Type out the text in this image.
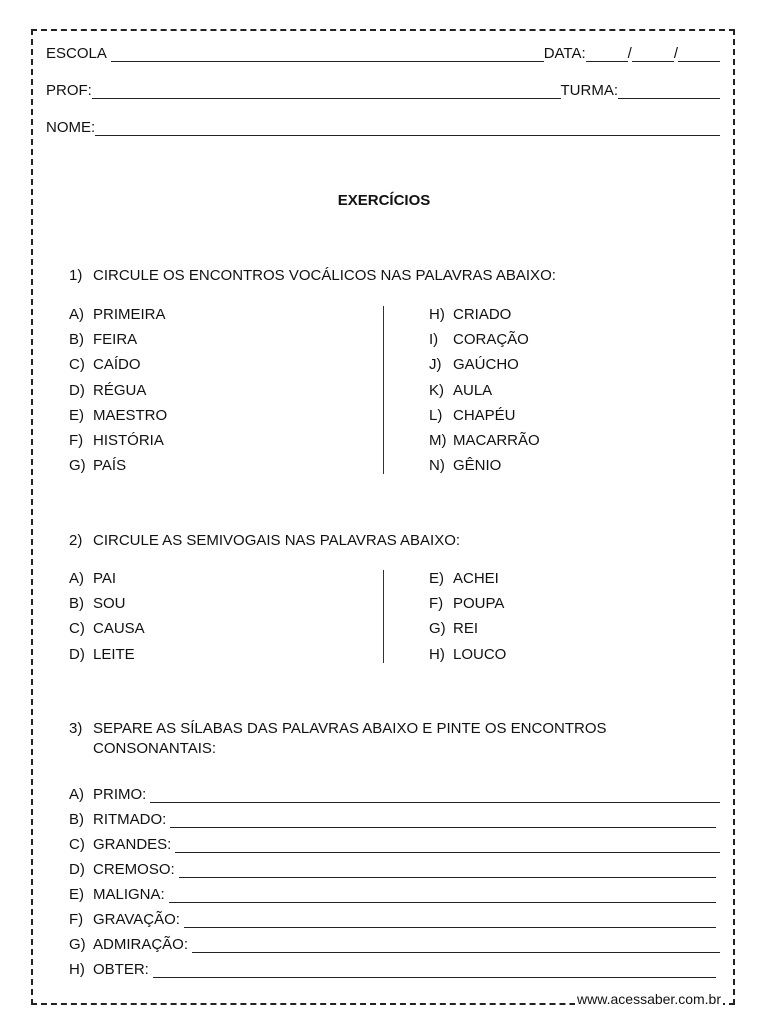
ESCOLA	DATA:	/	/
PROF:	TURMA:
NOME:
EXERCÍCIOS
1) CIRCULE OS ENCONTROS VOCÁLICOS NAS PALAVRAS ABAIXO:
A) PRIMEIRA
B) FEIRA
C) CAÍDO
D) RÉGUA
E) MAESTRO
F) HISTÓRIA
G) PAÍS
H) CRIADO
I) CORAÇÃO
J) GAÚCHO
K) AULA
L) CHAPÉU
M) MACARRÃO
N) GÊNIO
2) CIRCULE AS SEMIVOGAIS NAS PALAVRAS ABAIXO:
A) PAI
B) SOU
C) CAUSA
D) LEITE
E) ACHEI
F) POUPA
G) REI
H) LOUCO
3) SEPARE AS SÍLABAS DAS PALAVRAS ABAIXO E PINTE OS ENCONTROS CONSONANTAIS:
A) PRIMO:
B) RITMADO:
C) GRANDES:
D) CREMOSO:
E) MALIGNA:
F) GRAVAÇÃO:
G) ADMIRAÇÃO:
H) OBTER:
www.acessaber.com.br
